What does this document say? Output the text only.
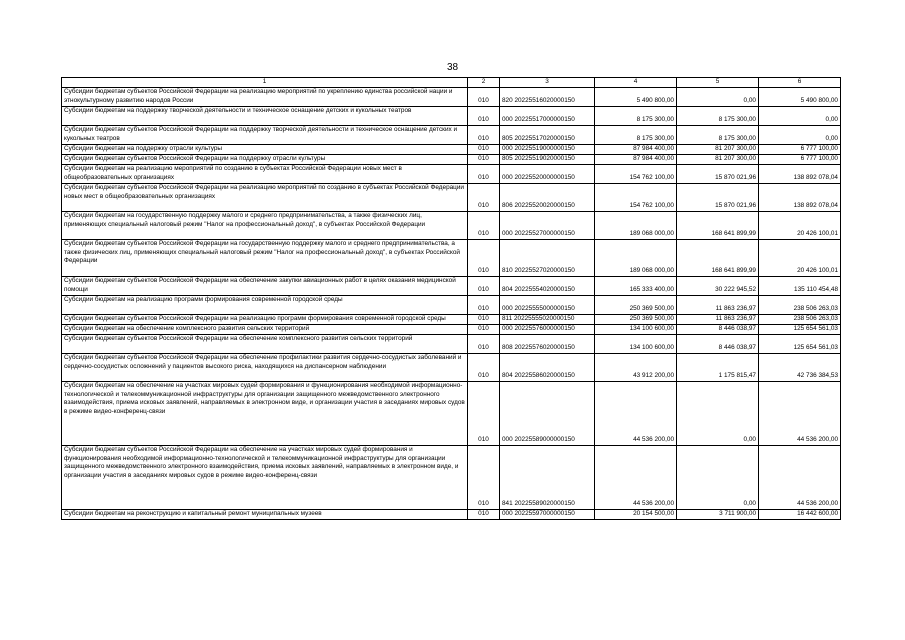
38
1	2	3	4	5	6
Субсидии бюджетам субъектов Российской Федерации на реализацию мероприятий по укреплению единства российской нации и этнокультурному развитию народов России	010	820 20225516020000150	5 490 800,00	0,00	5 490 800,00
Субсидии бюджетам на поддержку творческой деятельности и техническое оснащение детских и кукольных театров	010	000 20225517000000150	8 175 300,00	8 175 300,00	0,00
Субсидии бюджетам субъектов Российской Федерации на поддержку творческой деятельности и техническое оснащение детских и кукольных театров	010	805 20225517020000150	8 175 300,00	8 175 300,00	0,00
Субсидии бюджетам на поддержку отрасли культуры	010	000 20225519000000150	87 984 400,00	81 207 300,00	6 777 100,00
Субсидии бюджетам субъектов Российской Федерации на поддержку отрасли культуры	010	805 20225519020000150	87 984 400,00	81 207 300,00	6 777 100,00
Субсидии бюджетам на реализацию мероприятий по созданию в субъектах Российской Федерации новых мест в общеобразовательных организациях	010	000 20225520000000150	154 762 100,00	15 870 021,96	138 892 078,04
Субсидии бюджетам субъектов Российской Федерации на реализацию мероприятий по созданию в субъектах Российской Федерации новых мест в общеобразовательных организациях	010	806 20225520020000150	154 762 100,00	15 870 021,96	138 892 078,04
Субсидии бюджетам на государственную поддержку малого и среднего предпринимательства, а также физических лиц, применяющих специальный налоговый режим "Налог на профессиональный доход", в субъектах Российской Федерации	010	000 20225527000000150	189 068 000,00	168 641 899,99	20 426 100,01
Субсидии бюджетам субъектов Российской Федерации на государственную поддержку малого и среднего предпринимательства, а также физических лиц, применяющих специальный налоговый режим "Налог на профессиональный доход", в субъектах Российской Федерации	010	810 20225527020000150	189 068 000,00	168 641 899,99	20 426 100,01
Субсидии бюджетам субъектов Российской Федерации на обеспечение закупки авиационных работ в целях оказания медицинской помощи	010	804 20225554020000150	165 333 400,00	30 222 945,52	135 110 454,48
Субсидии бюджетам на реализацию программ формирования современной городской среды	010	000 20225555000000150	250 369 500,00	11 863 236,97	238 506 263,03
Субсидии бюджетам субъектов Российской Федерации на реализацию программ формирования современной городской среды	010	811 20225555020000150	250 369 500,00	11 863 236,97	238 506 263,03
Субсидии бюджетам на обеспечение комплексного развития сельских территорий	010	000 20225576000000150	134 100 600,00	8 446 038,97	125 654 561,03
Субсидии бюджетам субъектов Российской Федерации на обеспечение комплексного развития сельских территорий	010	808 20225576020000150	134 100 600,00	8 446 038,97	125 654 561,03
Субсидии бюджетам субъектов Российской Федерации на обеспечение профилактики развития сердечно-сосудистых заболеваний и сердечно-сосудистых осложнений у пациентов высокого риска, находящихся на диспансерном наблюдении	010	804 20225586020000150	43 912 200,00	1 175 815,47	42 736 384,53
Субсидии бюджетам на обеспечение на участках мировых судей формирования и функционирования необходимой информационно-технологической и телекоммуникационной инфраструктуры для организации защищенного межведомственного электронного взаимодействия, приема исковых заявлений, направляемых в электронном виде, и организации участия в заседаниях мировых судов в режиме видео-конференц-связи	010	000 20225589000000150	44 536 200,00	0,00	44 536 200,00
Субсидии бюджетам субъектов Российской Федерации на обеспечение на участках мировых судей формирования и функционирования необходимой информационно-технологической и телекоммуникационной инфраструктуры для организации защищенного межведомственного электронного взаимодействия, приема исковых заявлений, направляемых в электронном виде, и организации участия в заседаниях мировых судов в режиме видео-конференц-связи	010	841 20225589020000150	44 536 200,00	0,00	44 536 200,00
Субсидии бюджетам на реконструкцию и капитальный ремонт муниципальных музеев	010	000 20225597000000150	20 154 500,00	3 711 900,00	16 442 600,00
